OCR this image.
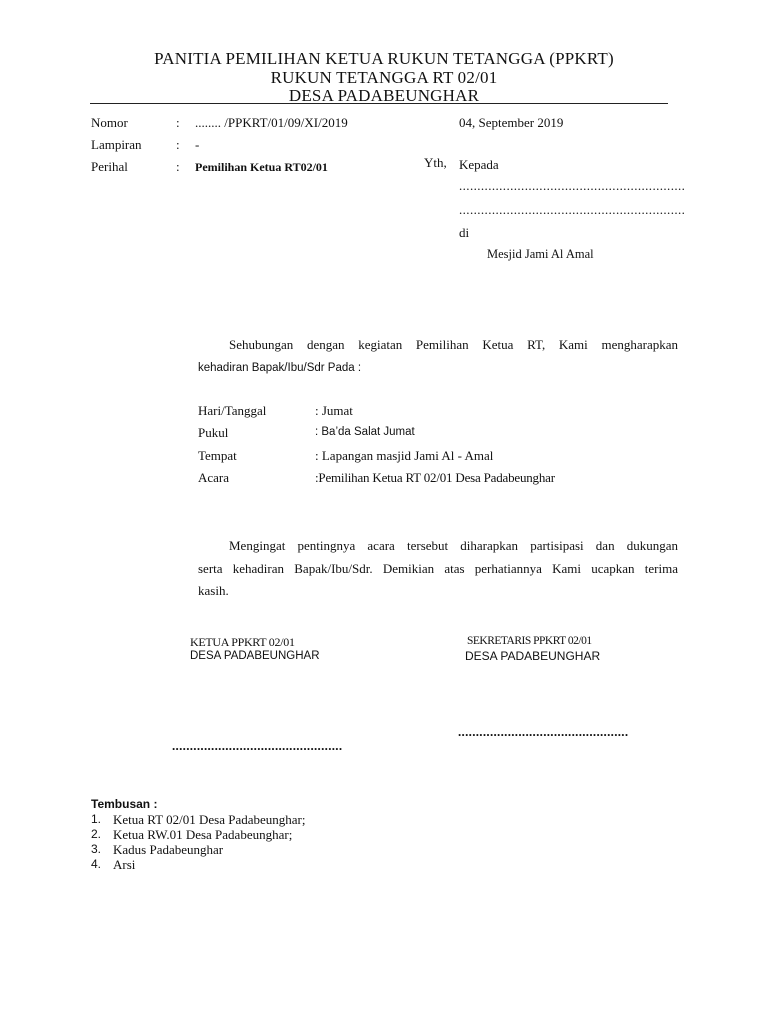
PANITIA PEMILIHAN KETUA RUKUN TETANGGA (PPKRT)
RUKUN TETANGGA RT 02/01
DESA PADABEUNGHAR
Nomor	: ........ /PPKRT/01/09/XI/2019
Lampiran	: -
Perihal	: Pemilihan Ketua RT02/01
04, September 2019
Yth, Kepada
..............................................................
..............................................................
di
Mesjid Jami Al Amal
Sehubungan dengan kegiatan Pemilihan Ketua RT, Kami mengharapkan
kehadiran Bapak/Ibu/Sdr Pada :
Hari/Tanggal	: Jumat
Pukul	: Ba’da Salat Jumat
Tempat	: Lapangan masjid Jami Al - Amal
Acara	:Pemilihan Ketua RT 02/01 Desa Padabeunghar
Mengingat pentingnya acara tersebut diharapkan partisipasi dan dukungan
serta kehadiran Bapak/Ibu/Sdr. Demikian atas perhatiannya Kami ucapkan terima
kasih.
KETUA PPKRT 02/01
DESA PADABEUNGHAR
................................................
SEKRETARIS PPKRT 02/01
DESA PADABEUNGHAR
................................................
Tembusan :
1. Ketua RT 02/01 Desa Padabeunghar;
2. Ketua RW.01 Desa Padabeunghar;
3. Kadus Padabeunghar
4. Arsi
